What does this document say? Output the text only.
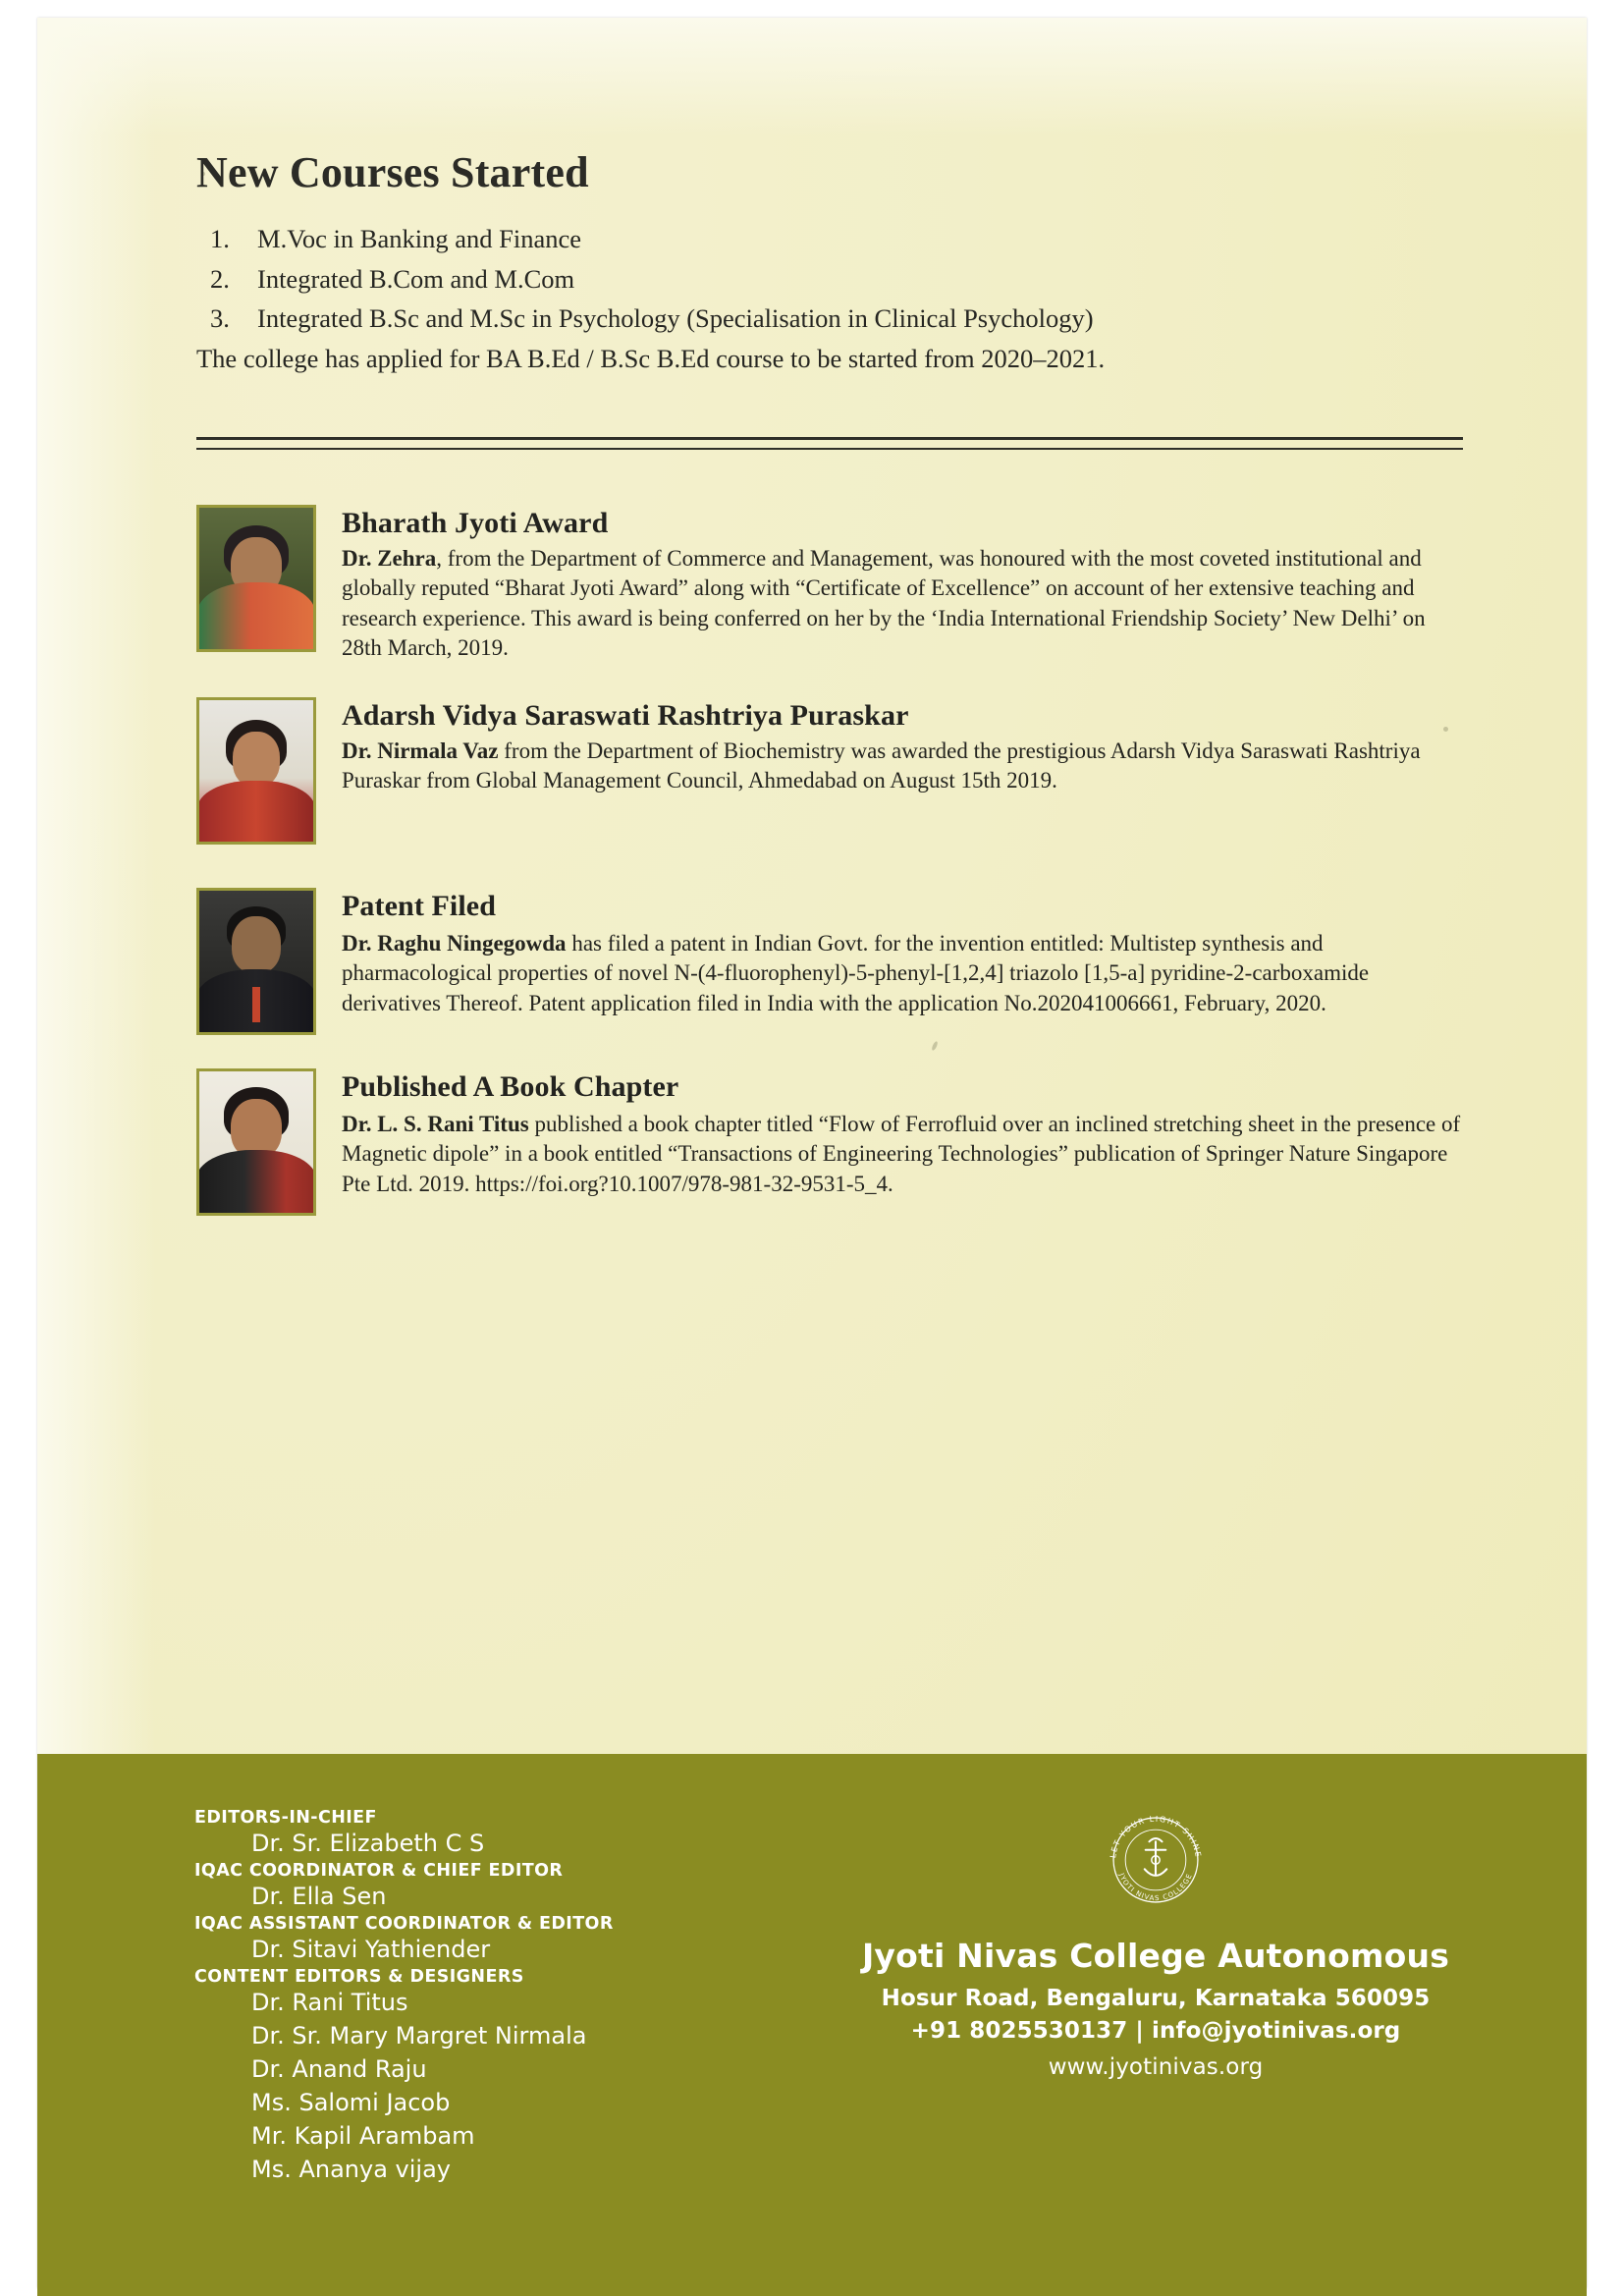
New Courses Started
M.Voc in Banking and Finance
Integrated B.Com and M.Com
Integrated B.Sc and M.Sc in Psychology (Specialisation in Clinical Psychology)
The college has applied for BA B.Ed / B.Sc B.Ed course to be started from 2020–2021.
Bharath Jyoti Award
Dr. Zehra, from the Department of Commerce and Management, was honoured with the most coveted institutional and globally reputed “Bharat Jyoti Award” along with “Certificate of Excellence” on account of her extensive teaching and research experience. This award is being conferred on her by the ‘India International Friendship Society’ New Delhi’ on 28th March, 2019.
Adarsh Vidya Saraswati Rashtriya Puraskar
Dr. Nirmala Vaz from the Department of Biochemistry was awarded the prestigious Adarsh Vidya Saraswati Rashtriya Puraskar from Global Management Council, Ahmedabad on August 15th 2019.
Patent Filed
Dr. Raghu Ningegowda has filed a patent in Indian Govt. for the invention entitled: Multistep synthesis and pharmacological properties of novel N-(4-fluorophenyl)-5-phenyl-[1,2,4] triazolo [1,5-a] pyridine-2-carboxamide derivatives Thereof. Patent application filed in India with the application No.202041006661, February, 2020.
Published A Book Chapter
Dr. L. S. Rani Titus published a book chapter titled “Flow of Ferrofluid over an inclined stretching sheet in the presence of Magnetic dipole” in a book entitled “Transactions of Engineering Technologies” publication of Springer Nature Singapore Pte Ltd. 2019. https://foi.org?10.1007/978-981-32-9531-5_4.
EDITORS-IN-CHIEF
Dr. Sr. Elizabeth C S
IQAC COORDINATOR & CHIEF EDITOR
Dr. Ella Sen
IQAC ASSISTANT COORDINATOR & EDITOR
Dr. Sitavi Yathiender
CONTENT EDITORS & DESIGNERS
Dr. Rani Titus
Dr. Sr. Mary Margret Nirmala
Dr. Anand Raju
Ms. Salomi Jacob
Mr. Kapil Arambam
Ms. Ananya vijay
LET YOUR LIGHT SHINE
JYOTI NIVAS COLLEGE
Jyoti Nivas College Autonomous
Hosur Road, Bengaluru, Karnataka 560095
+91 8025530137 | info@jyotinivas.org
www.jyotinivas.org
